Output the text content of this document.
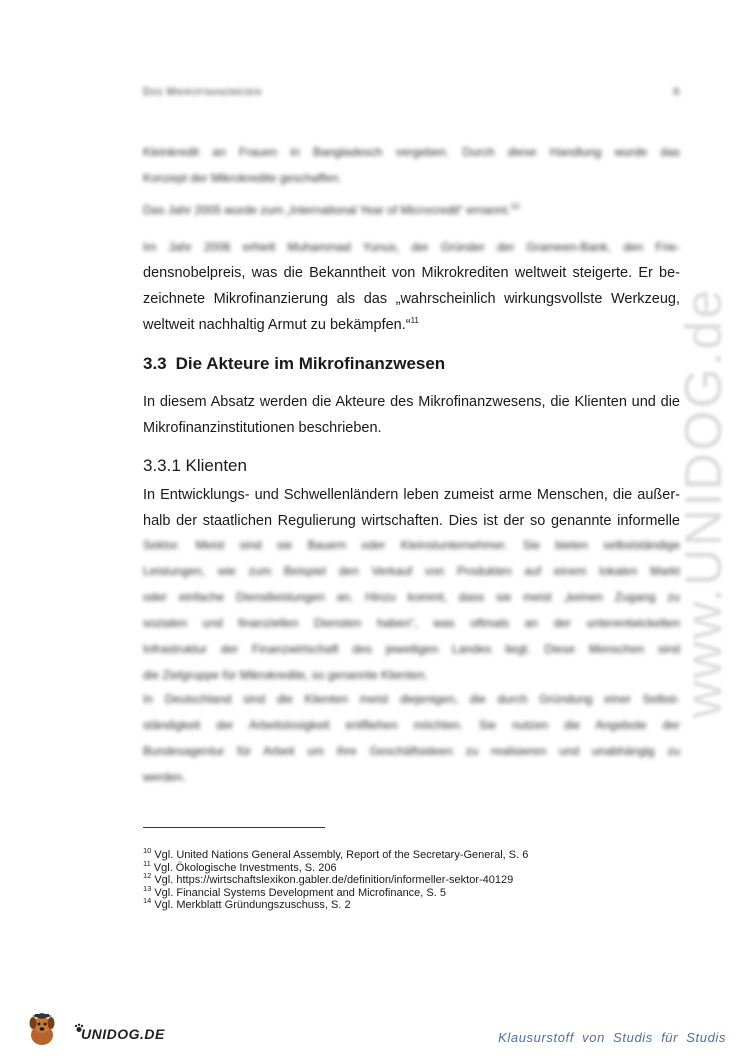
Das Mikrofinanzwesen	6

Kleinkredit an Frauen in Bangladesch vergeben. Durch diese Handlung wurde das
Konzept der Mikrokredite geschaffen.

Das Jahr 2005 wurde zum „International Year of Microcredit“ ernannt.$^{10}$

Im Jahr 2006 erhielt Muhammad Yunus, der Gründer der Grameen-Bank, den Frie-

densnobelpreis, was die Bekanntheit von Mikrokrediten weltweit steigerte. Er be-
zeichnete Mikrofinanzierung als das „wahrscheinlich wirkungsvollste Werkzeug,
weltweit nachhaltig Armut zu bekämpfen.“$^{11}$

3.3 Die Akteure im Mikrofinanzwesen

In diesem Absatz werden die Akteure des Mikrofinanzwesens, die Klienten und die
Mikrofinanzinstitutionen beschrieben.

3.3.1 Klienten

In Entwicklungs- und Schwellenländern leben zumeist arme Menschen, die außer-
halb der staatlichen Regulierung wirtschaften. Dies ist der so genannte informelle

Sektor. Meist sind sie Bauern oder Kleinstunternehmer. Sie bieten selbstständige
Leistungen, wie zum Beispiel den Verkauf von Produkten auf einem lokalen Markt
oder einfache Dienstleistungen an. Hinzu kommt, dass sie meist „keinen Zugang zu
sozialen und finanziellen Diensten haben“, was oftmals an der unterentwickelten
Infrastruktur der Finanzwirtschaft des jeweiligen Landes liegt. Diese Menschen sind
die Zielgruppe für Mikrokredite, so genannte Klienten.

In Deutschland sind die Klienten meist diejenigen, die durch Gründung einer Selbst-
ständigkeit der Arbeitslosigkeit entfliehen möchten. Sie nutzen die Angebote der
Bundesagentur für Arbeit um ihre Geschäftsideen zu realisieren und unabhängig zu
werden.

$^{10}$ Vgl. United Nations General Assembly, Report of the Secretary-General, S. 6
$^{11}$ Vgl. Ökologische Investments, S. 206
$^{12}$ Vgl. https://wirtschaftslexikon.gabler.de/definition/informeller-sektor-40129
$^{13}$ Vgl. Financial Systems Development and Microfinance, S. 5
$^{14}$ Vgl. Merkblatt Gründungszuschuss, S. 2
www.UNIDOG.de
UNIDOG.DE	Klausurstoff von Studis für Studis
